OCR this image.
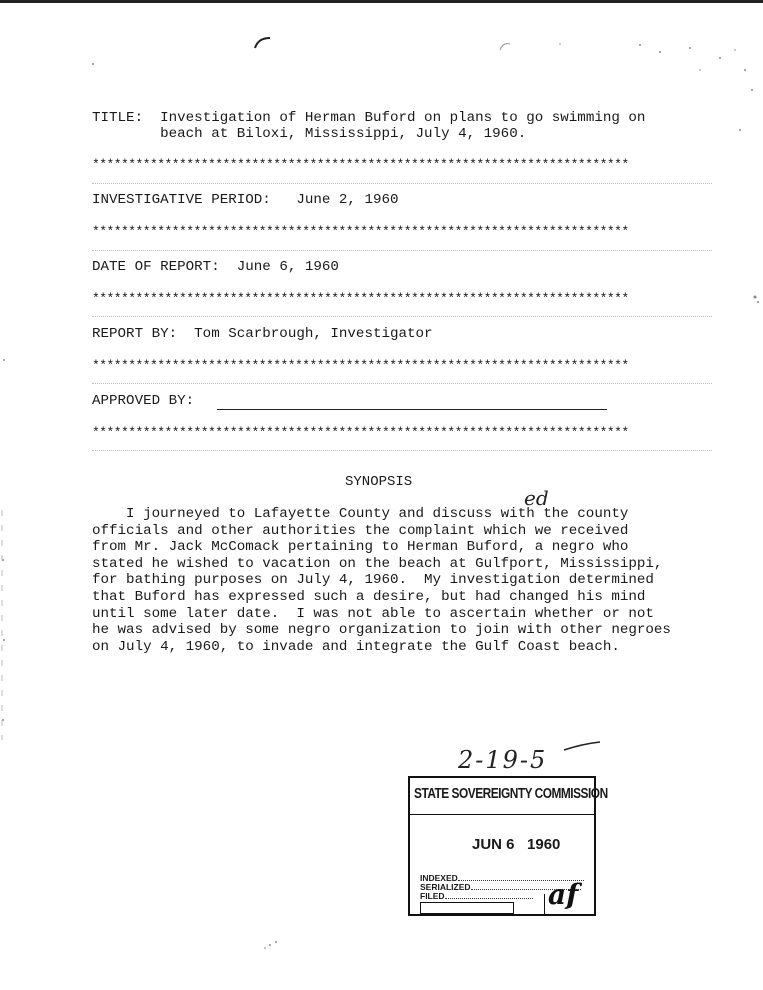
TITLE: Investigation of Herman Buford on plans to go swimming on
beach at Biloxi, Mississippi, July 4, 1960.
**************************************************************************
INVESTIGATIVE PERIOD: June 2, 1960
**************************************************************************
DATE OF REPORT: June 6, 1960
**************************************************************************
REPORT BY: Tom Scarbrough, Investigator
**************************************************************************
APPROVED BY:
**************************************************************************
SYNOPSIS
I journeyed to Lafayette County and discuss with the county
officials and other authorities the complaint which we received
from Mr. Jack McComack pertaining to Herman Buford, a negro who
stated he wished to vacation on the beach at Gulfport, Mississippi,
for bathing purposes on July 4, 1960.  My investigation determined
that Buford has expressed such a desire, but had changed his mind
until some later date.  I was not able to ascertain whether or not
he was advised by some negro organization to join with other negroes
on July 4, 1960, to invade and integrate the Gulf Coast beach.
ed
2-19-5
STATE SOVEREIGNTY COMMISSION
JUN 6   1960
INDEXED
SERIALIZED
FILED	af
